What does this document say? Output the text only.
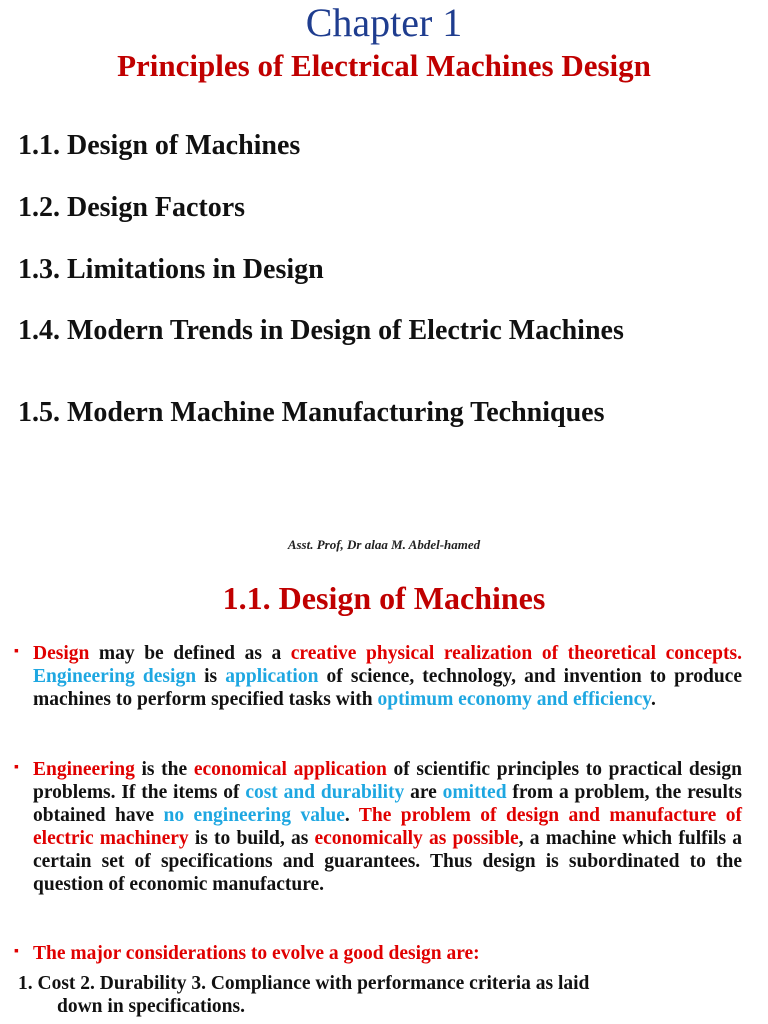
Chapter 1
Principles of Electrical Machines Design
1.1. Design of Machines
1.2. Design Factors
1.3. Limitations in Design
1.4. Modern Trends in Design of Electric Machines
1.5. Modern Machine Manufacturing Techniques
Asst. Prof, Dr alaa M. Abdel-hamed
1.1. Design of Machines
▪ Design may be defined as a creative physical realization of theoretical concepts. Engineering design is application of science, technology, and invention to produce machines to perform specified tasks with optimum economy and efficiency.
▪ Engineering is the economical application of scientific principles to practical design problems. If the items of cost and durability are omitted from a problem, the results obtained have no engineering value. The problem of design and manufacture of electric machinery is to build, as economically as possible, a machine which fulfils a certain set of specifications and guarantees. Thus design is subordinated to the question of economic manufacture.
▪ The major considerations to evolve a good design are:
1. Cost 2. Durability 3. Compliance with performance criteria as laid
down in specifications.
